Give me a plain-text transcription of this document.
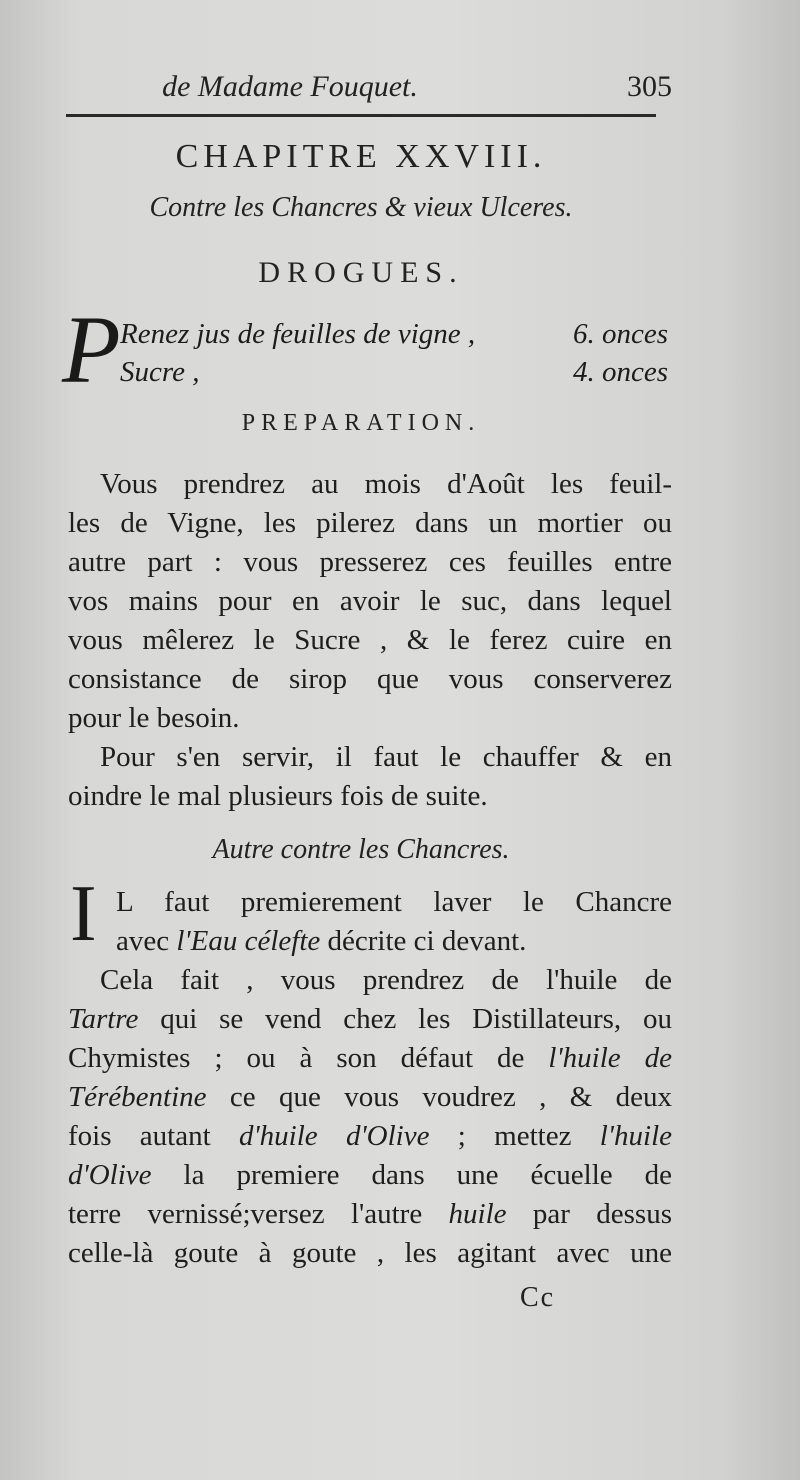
de Madame Fouquet.	305
CHAPITRE XXVIII.
Contre les Chancres & vieux Ulceres.
DROGUES.
P Renez jus de feuilles de vigne ,	6. onces
Sucre ,	4. onces
PREPARATION.
Vous prendrez au mois d'Août les feuil-
les de Vigne, les pilerez dans un mortier ou
autre part : vous presserez ces feuilles entre
vos mains pour en avoir le suc, dans lequel
vous mêlerez le Sucre , & le ferez cuire en
consistance de sirop que vous conserverez
pour le besoin.
Pour s'en servir, il faut le chauffer & en
oindre le mal plusieurs fois de suite.
Autre contre les Chancres.
I L faut premierement laver le Chancre
avec l'Eau célefte décrite ci devant.
Cela fait , vous prendrez de l'huile de
Tartre qui se vend chez les Distillateurs, ou
Chymistes ; ou à son défaut de l'huile de
Térébentine ce que vous voudrez , & deux
fois autant d'huile d'Olive ; mettez l'huile
d'Olive la premiere dans une écuelle de
terre vernissé;versez l'autre huile par dessus
celle-là goute à goute , les agitant avec une
Cc
